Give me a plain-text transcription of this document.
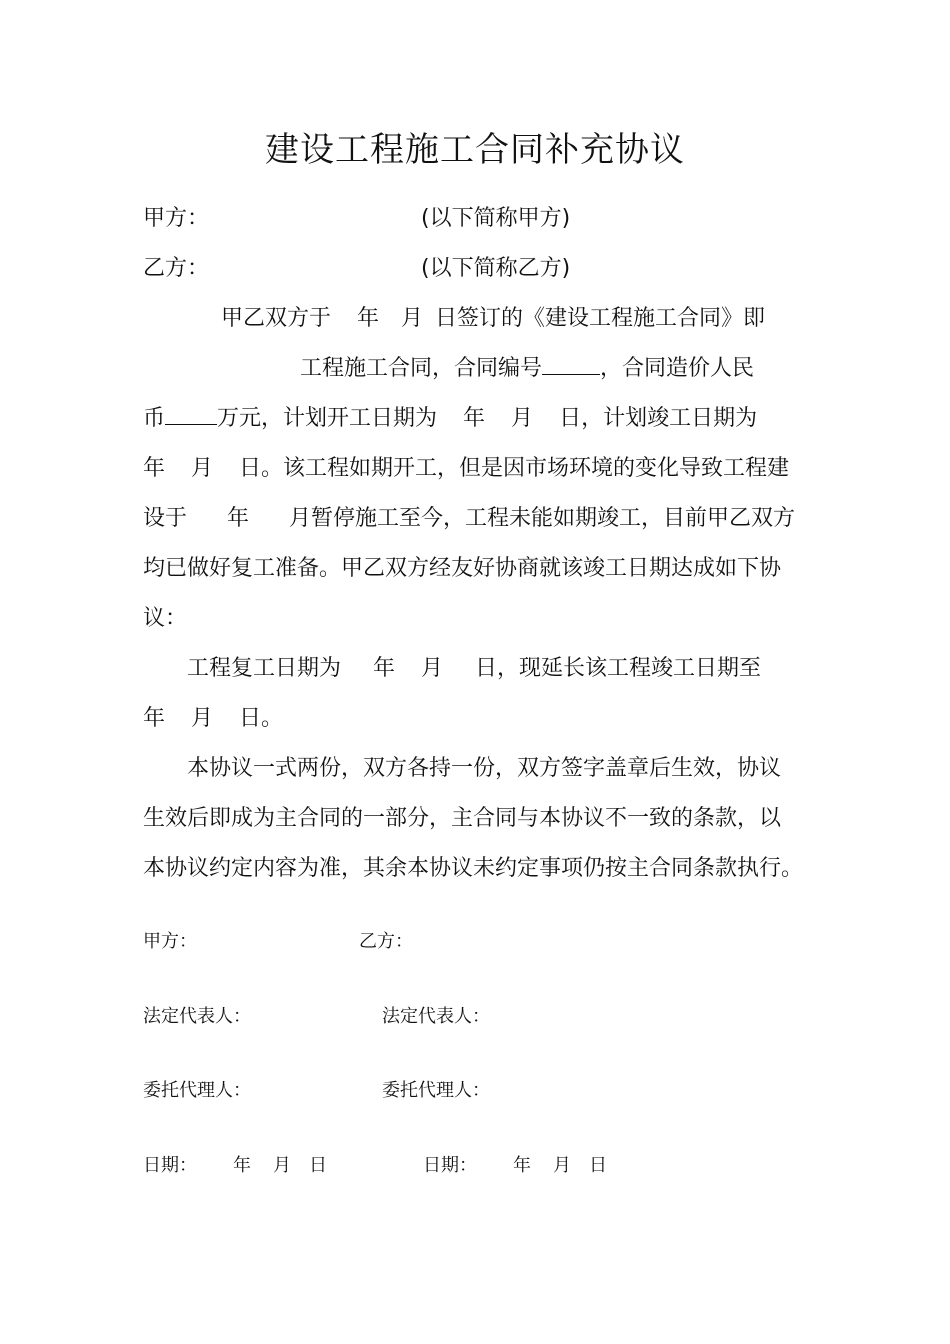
建设工程施工合同补充协议
甲方：	(以下简称甲方)
乙方：	(以下简称乙方)
甲乙双方于 年 月 日签订的《建设工程施工合同》即
工程施工合同，合同编号	，合同造价人民
币 万元，计划开工日期为 年 月 日，计划竣工日期为
年 月 日。该工程如期开工，但是因市场环境的变化导致工程建
设于 年 月暂停施工至今，工程未能如期竣工，目前甲乙双方
均已做好复工准备。甲乙双方经友好协商就该竣工日期达成如下协
议：
工程复工日期为 年 月 日，现延长该工程竣工日期至
年 月 日。
本协议一式两份，双方各持一份，双方签字盖章后生效，协议
生效后即成为主合同的一部分，主合同与本协议不一致的条款，以
本协议约定内容为准，其余本协议未约定事项仍按主合同条款执行。
甲方：	乙方：
法定代表人：	法定代表人：
委托代理人：	委托代理人：
日期： 年 月 日	日期： 年 月 日
